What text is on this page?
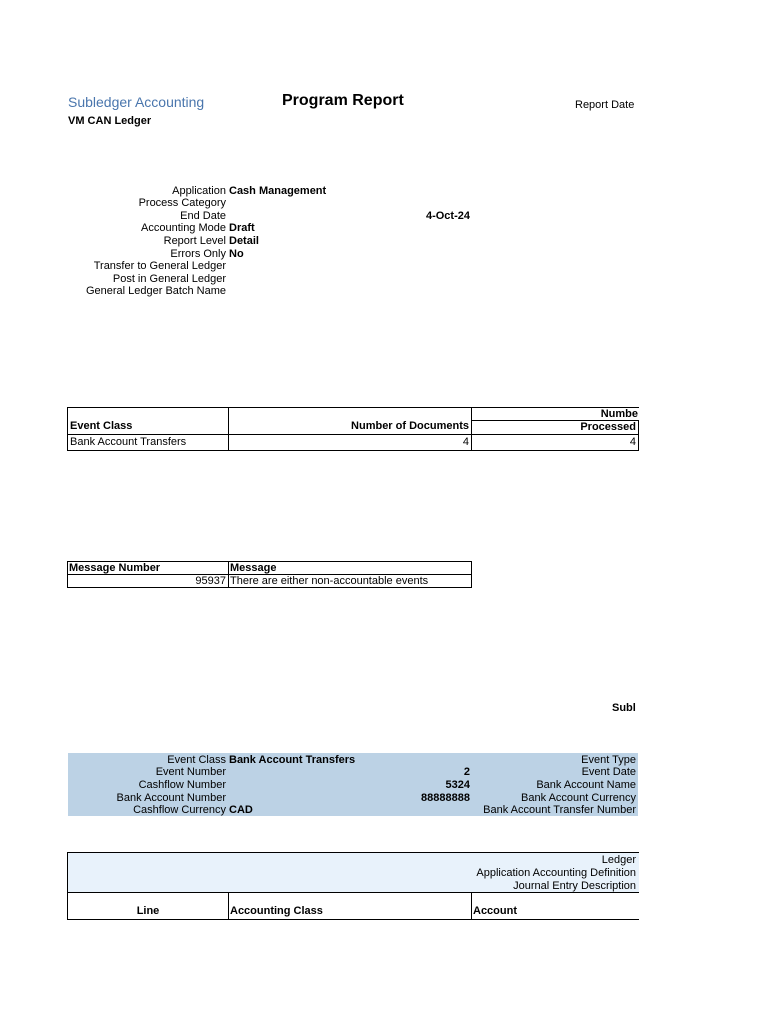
Subledger Accounting
VM CAN Ledger
Program Report	Report Date
Application Cash Management
Process Category
End Date	4-Oct-24
Accounting Mode Draft
Report Level Detail
Errors Only No
Transfer to General Ledger
Post in General Ledger
General Ledger Batch Name
Event Class	Number of Documents
Numbe
Processed
Bank Account Transfers	4	4
Message Number	Message
95937 There are either non-accountable events
Subl
Event Class Bank Account Transfers
Event Number	2
Cashflow Number	5324
Bank Account Number	88888888
Cashflow Currency CAD
Event Type
Event Date
Bank Account Name
Bank Account Currency
Bank Account Transfer Number
Ledger
Application Accounting Definition
Journal Entry Description
Line	Accounting Class	Account
